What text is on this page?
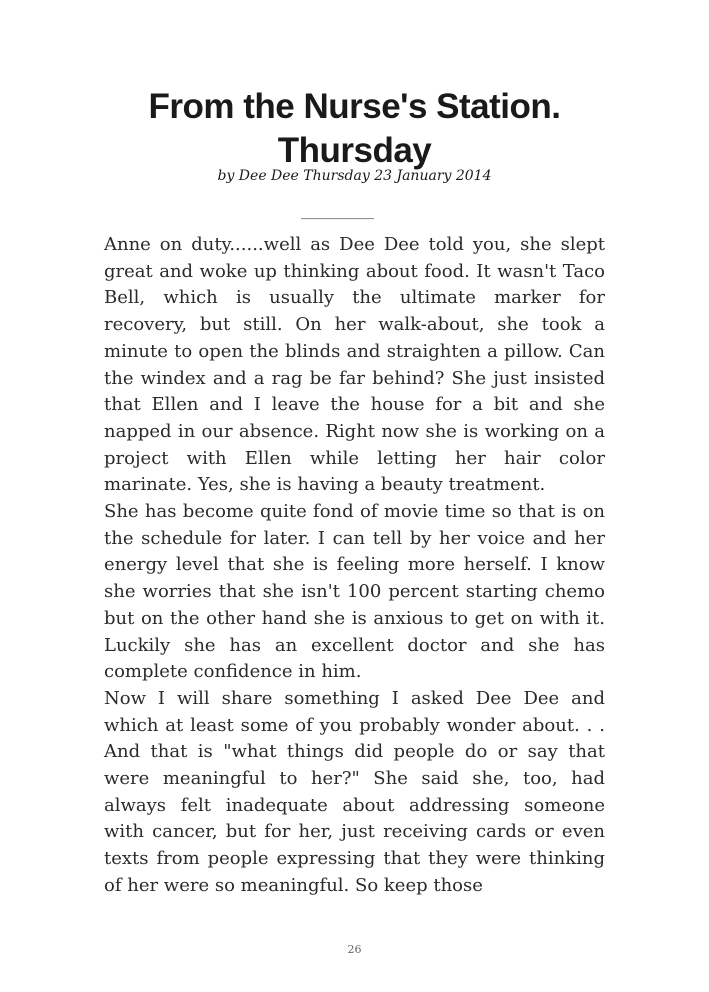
From the Nurse's Station.
Thursday
by Dee Dee Thursday 23 January 2014
___________

Anne on duty......well as Dee Dee told you, she slept great and woke up thinking about food. It wasn't Taco Bell, which is usually the ultimate marker for recovery, but still. On her walk-about, she took a minute to open the blinds and straighten a pillow. Can the windex and a rag be far behind? She just insisted that Ellen and I leave the house for a bit and she napped in our absence. Right now she is working on a project with Ellen while letting her hair color marinate. Yes, she is having a beauty treatment.

She has become quite fond of movie time so that is on the schedule for later. I can tell by her voice and her energy level that she is feeling more herself. I know she worries that she isn't 100 percent starting chemo but on the other hand she is anxious to get on with it. Luckily she has an excellent doctor and she has complete confidence in him.

Now I will share something I asked Dee Dee and which at least some of you probably wonder about. . . And that is "what things did people do or say that were meaningful to her?" She said she, too, had always felt inadequate about addressing someone with cancer, but for her, just receiving cards or even texts from people expressing that they were thinking of her were so meaningful. So keep those

26
